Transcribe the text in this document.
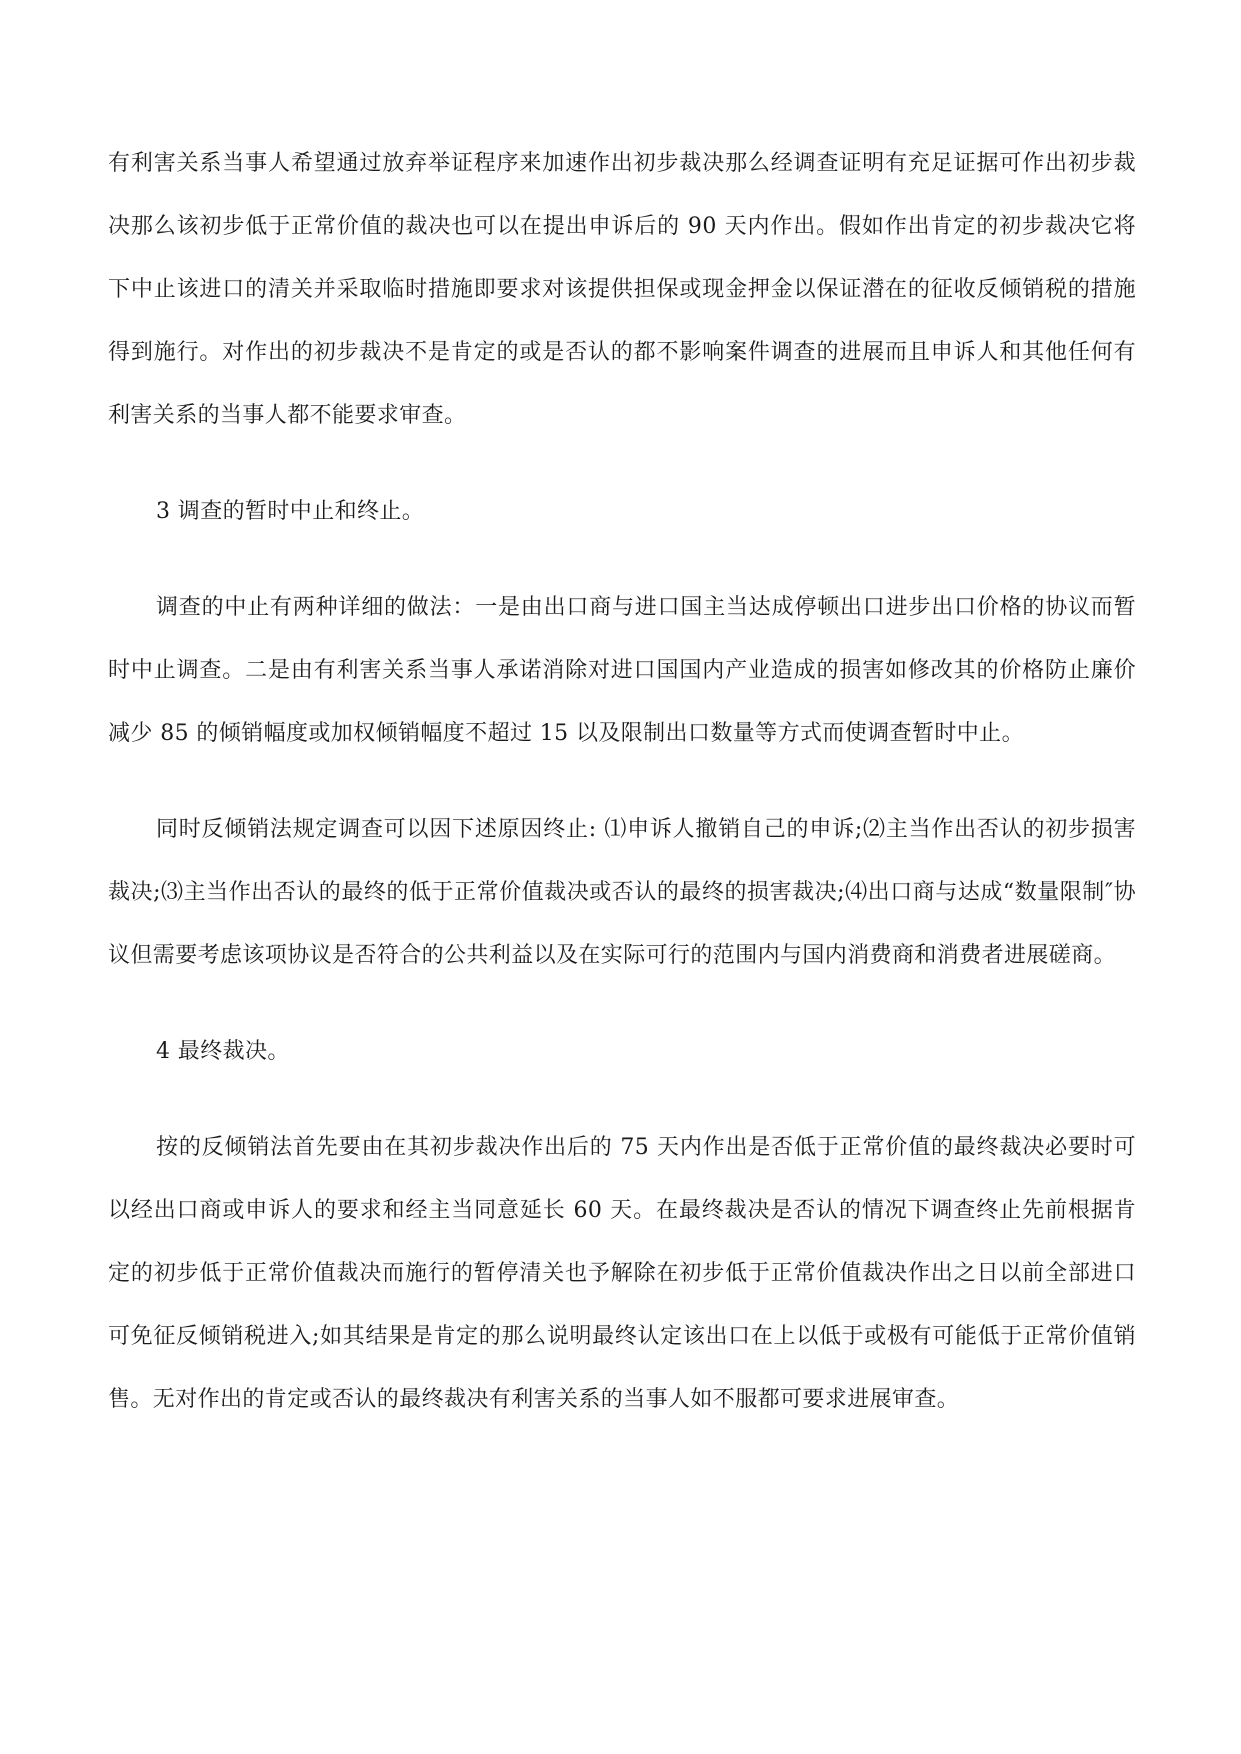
有利害关系当事人希望通过放弃举证程序来加速作出初步裁决那么经调查证明有充足证据可作出初步裁决那么该初步低于正常价值的裁决也可以在提出申诉后的 90 天内作出。假如作出肯定的初步裁决它将下中止该进口的清关并采取临时措施即要求对该提供担保或现金押金以保证潜在的征收反倾销税的措施得到施行。对作出的初步裁决不是肯定的或是否认的都不影响案件调查的进展而且申诉人和其他任何有利害关系的当事人都不能要求审查。

3 调查的暂时中止和终止。

调查的中止有两种详细的做法：一是由出口商与进口国主当达成停顿出口进步出口价格的协议而暂时中止调查。二是由有利害关系当事人承诺消除对进口国国内产业造成的损害如修改其的价格防止廉价减少 85 的倾销幅度或加权倾销幅度不超过 15 以及限制出口数量等方式而使调查暂时中止。

同时反倾销法规定调查可以因下述原因终止: ⑴申诉人撤销自己的申诉;⑵主当作出否认的初步损害裁决;⑶主当作出否认的最终的低于正常价值裁决或否认的最终的损害裁决;⑷出口商与达成“数量限制″协议但需要考虑该项协议是否符合的公共利益以及在实际可行的范围内与国内消费商和消费者进展磋商。

4 最终裁决。

按的反倾销法首先要由在其初步裁决作出后的 75 天内作出是否低于正常价值的最终裁决必要时可以经出口商或申诉人的要求和经主当同意延长 60 天。在最终裁决是否认的情况下调查终止先前根据肯定的初步低于正常价值裁决而施行的暂停清关也予解除在初步低于正常价值裁决作出之日以前全部进口可免征反倾销税进入;如其结果是肯定的那么说明最终认定该出口在上以低于或极有可能低于正常价值销售。无对作出的肯定或否认的最终裁决有利害关系的当事人如不服都可要求进展审查。
